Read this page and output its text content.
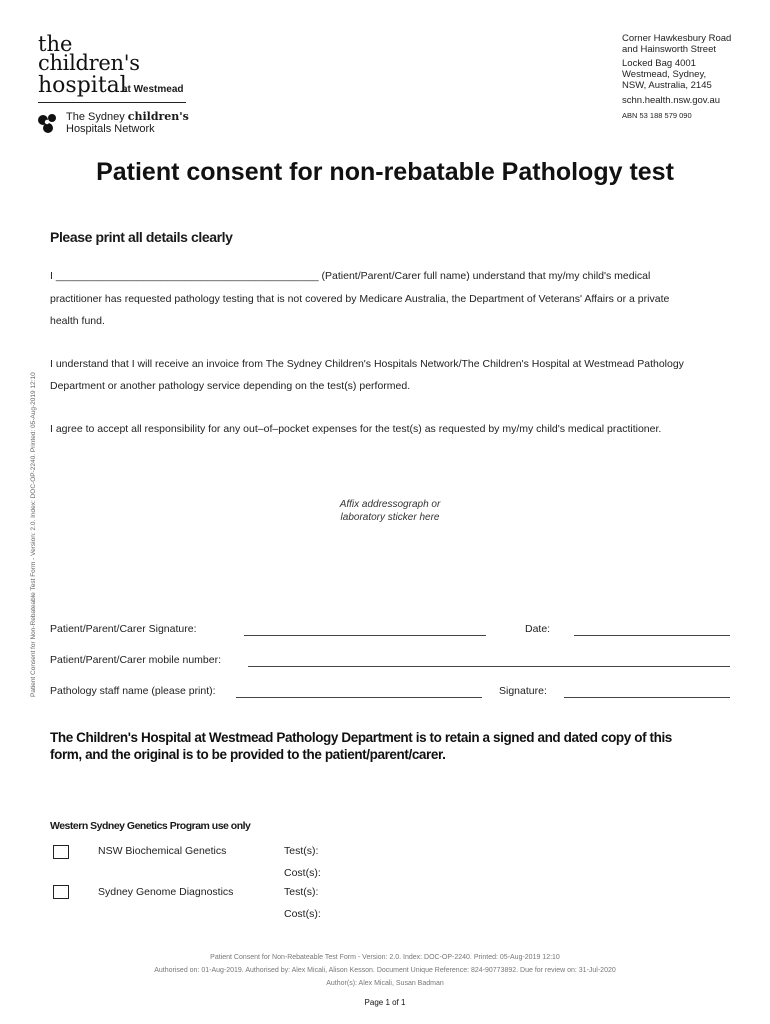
the
children's
hospital
at Westmead
The Sydney children's
Hospitals Network
Corner Hawkesbury Road
and Hainsworth Street
Locked Bag 4001
Westmead, Sydney,
NSW, Australia, 2145
schn.health.nsw.gov.au
ABN 53 188 579 090
Patient consent for non-rebatable Pathology test
Please print all details clearly
I _____________________________________________ (Patient/Parent/Carer full name) understand that my/my child's medical
practitioner has requested pathology testing that is not covered by Medicare Australia, the Department of Veterans' Affairs or a private
health fund.
I understand that I will receive an invoice from The Sydney Children's Hospitals Network/The Children's Hospital at Westmead Pathology
Department or another pathology service depending on the test(s) performed.
I agree to accept all responsibility for any out–of–pocket expenses for the test(s) as requested by my/my child's medical practitioner.
Patient Consent for Non-Rebateable Test Form - Version: 2.0. Index: DOC-OP-2240. Printed: 05-Aug-2019 12:10	Affix addressograph or
laboratory sticker here
Patient/Parent/Carer Signature:	Date:
Patient/Parent/Carer mobile number:
Pathology staff name (please print):	Signature:
The Children's Hospital at Westmead Pathology Department is to retain a signed and dated copy of this
form, and the original is to be provided to the patient/parent/carer.
Western Sydney Genetics Program use only
NSW Biochemical Genetics	Test(s):
Cost(s):
Sydney Genome Diagnostics	Test(s):
Cost(s):
Patient Consent for Non-Rebateable Test Form - Version: 2.0. Index: DOC-OP-2240. Printed: 05-Aug-2019 12:10
Authorised on: 01-Aug-2019. Authorised by: Alex Micali, Alison Kesson. Document Unique Reference: 824-90773892. Due for review on: 31-Jul-2020
Author(s): Alex Micali, Susan Badman
Page 1 of 1
